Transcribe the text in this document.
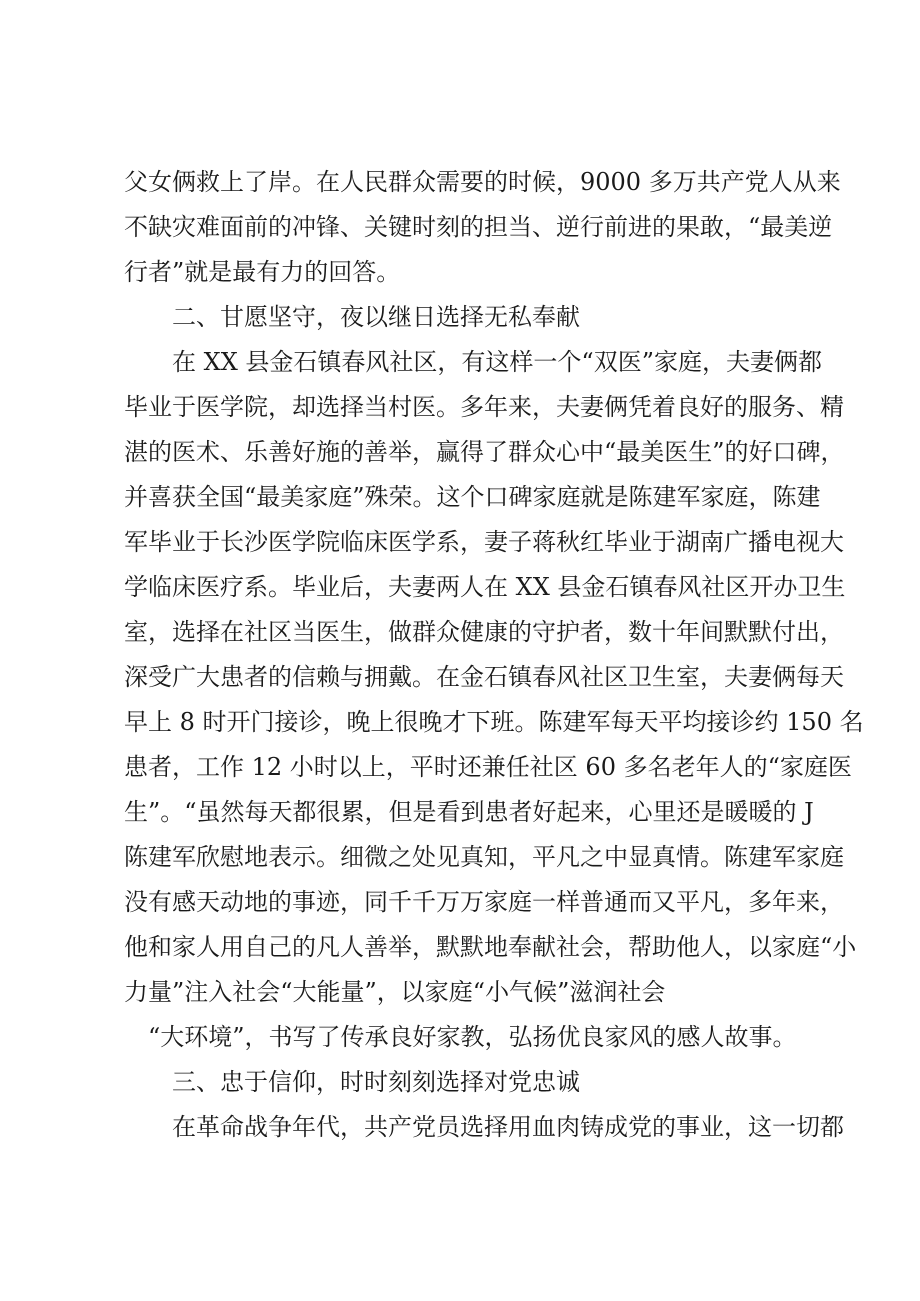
父女俩救上了岸。在人民群众需要的时候，9000 多万共产党人从来
不缺灾难面前的冲锋、关键时刻的担当、逆行前进的果敢，“最美逆
行者”就是最有力的回答。
二、甘愿坚守，夜以继日选择无私奉献
在 XX 县金石镇春风社区，有这样一个“双医”家庭，夫妻俩都
毕业于医学院，却选择当村医。多年来，夫妻俩凭着良好的服务、精
湛的医术、乐善好施的善举，赢得了群众心中“最美医生”的好口碑，
并喜获全国“最美家庭”殊荣。这个口碑家庭就是陈建军家庭，陈建
军毕业于长沙医学院临床医学系，妻子蒋秋红毕业于湖南广播电视大
学临床医疗系。毕业后，夫妻两人在 XX 县金石镇春风社区开办卫生
室，选择在社区当医生，做群众健康的守护者，数十年间默默付出，
深受广大患者的信赖与拥戴。在金石镇春风社区卫生室，夫妻俩每天
早上 8 时开门接诊，晚上很晚才下班。陈建军每天平均接诊约 150 名
患者，工作 12 小时以上，平时还兼任社区 60 多名老年人的“家庭医
生”。“虽然每天都很累，但是看到患者好起来，心里还是暖暖的 J
陈建军欣慰地表示。细微之处见真知，平凡之中显真情。陈建军家庭
没有感天动地的事迹，同千千万万家庭一样普通而又平凡，多年来，
他和家人用自己的凡人善举，默默地奉献社会，帮助他人，以家庭“小
力量”注入社会“大能量”，以家庭“小气候”滋润社会
“大环境”，书写了传承良好家教，弘扬优良家风的感人故事。
三、忠于信仰，时时刻刻选择对党忠诚
在革命战争年代，共产党员选择用血肉铸成党的事业，这一切都
